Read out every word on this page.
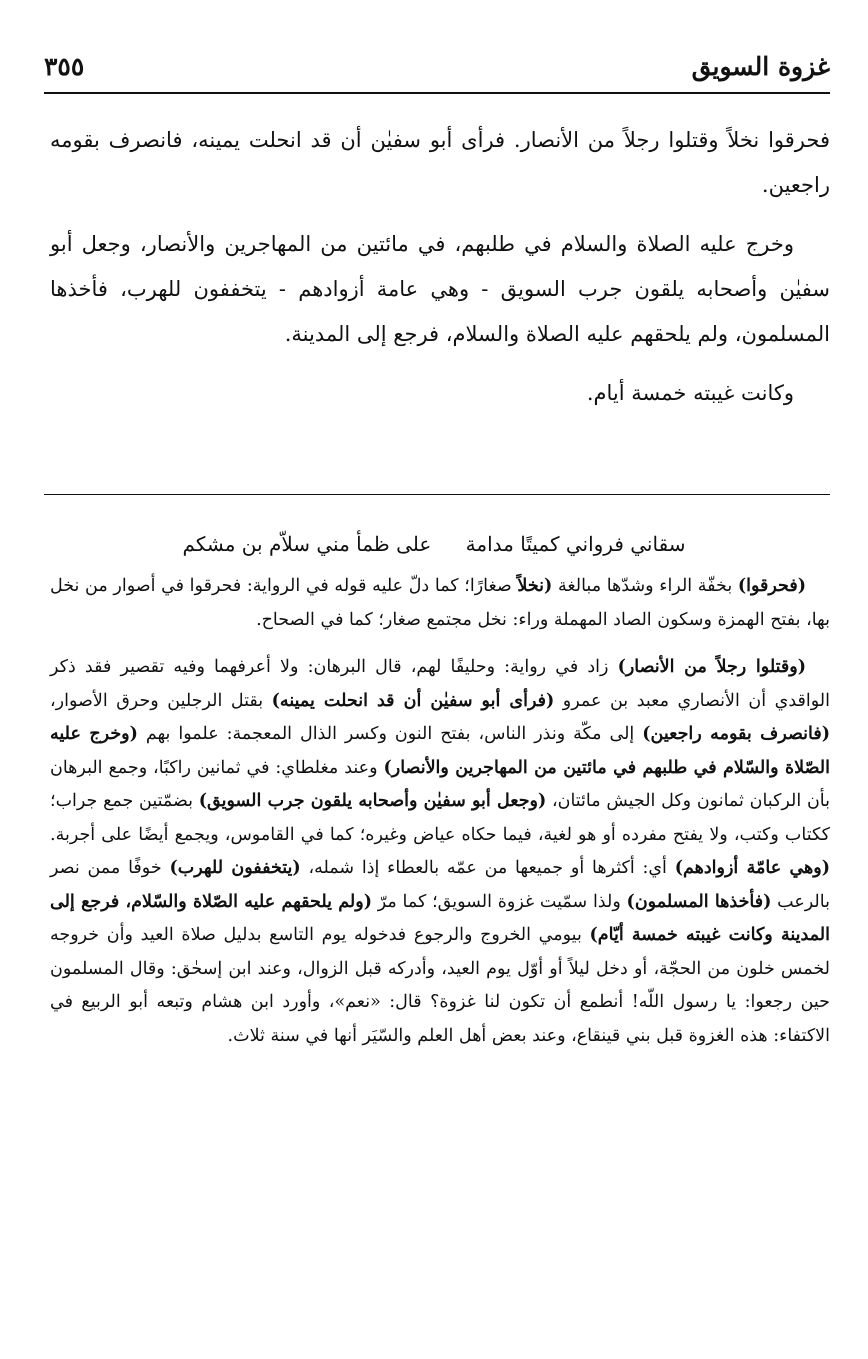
غزوة السويق
٣٥٥

فحرقوا نخلاً وقتلوا رجلاً من الأنصار. فرأى أبو سفيٰن أن قد انحلت يمينه، فانصرف بقومه راجعين.

وخرج عليه الصلاة والسلام في طلبهم، في مائتين من المهاجرين والأنصار، وجعل أبو سفيٰن وأصحابه يلقون جرب السويق - وهي عامة أزوادهم - يتخففون للهرب، فأخذها المسلمون، ولم يلحقهم عليه الصلاة والسلام، فرجع إلى المدينة.

وكانت غيبته خمسة أيام.

سقاني فرواني كميتًا مدامة على ظمأ مني سلاّم بن مشكم

(فحرقوا) بخفّة الراء وشدّها مبالغة (نخلاً صغارًا؛ كما دلّ عليه قوله في الرواية: فحرقوا في أصوار من نخل بها، بفتح الهمزة وسكون الصاد المهملة وراء: نخل مجتمع صغار؛ كما في الصحاح.

(وقتلوا رجلاً من الأنصار) زاد في رواية: وحليفًا لهم، قال البرهان: ولا أعرفهما وفيه تقصير فقد ذكر الواقدي أن الأنصاري معبد بن عمرو (فرأى أبو سفيٰن أن قد انحلت يمينه) بقتل الرجلين وحرق الأصوار، (فانصرف بقومه راجعين) إلى مكّة ونذر الناس، بفتح النون وكسر الذال المعجمة: علموا بهم (وخرج عليه الصّلاة والسّلام في طلبهم في مائتين من المهاجرين والأنصار) وعند مغلطاي: في ثمانين راكبًا، وجمع البرهان بأن الركبان ثمانون وكل الجيش مائتان، (وجعل أبو سفيٰن وأصحابه يلقون جرب السويق) بضمّتين جمع جراب؛ ككتاب وكتب، ولا يفتح مفرده أو هو لغية، فيما حكاه عياض وغيره؛ كما في القاموس، ويجمع أيضًا على أجربة. (وهي عامّة أزوادهم) أي: أكثرها أو جميعها من عمّه بالعطاء إذا شمله، (يتخففون للهرب) خوفًا ممن نصر بالرعب (فأخذها المسلمون) ولذا سمّيت غزوة السويق؛ كما مرّ (ولم يلحقهم عليه الصّلاة والسّلام، فرجع إلى المدينة وكانت غيبته خمسة أيّام) بيومي الخروج والرجوع فدخوله يوم التاسع بدليل صلاة العيد وأن خروجه لخمس خلون من الحجّة، أو دخل ليلاً أو أوّل يوم العيد، وأدركه قبل الزوال، وعند ابن إسحٰق: وقال المسلمون حين رجعوا: يا رسول اللّه! أنطمع أن تكون لنا غزوة؟ قال: «نعم»، وأورد ابن هشام وتبعه أبو الربيع في الاكتفاء: هذه الغزوة قبل بني قينقاع، وعند بعض أهل العلم والسّيَر أنها في سنة ثلاث.
